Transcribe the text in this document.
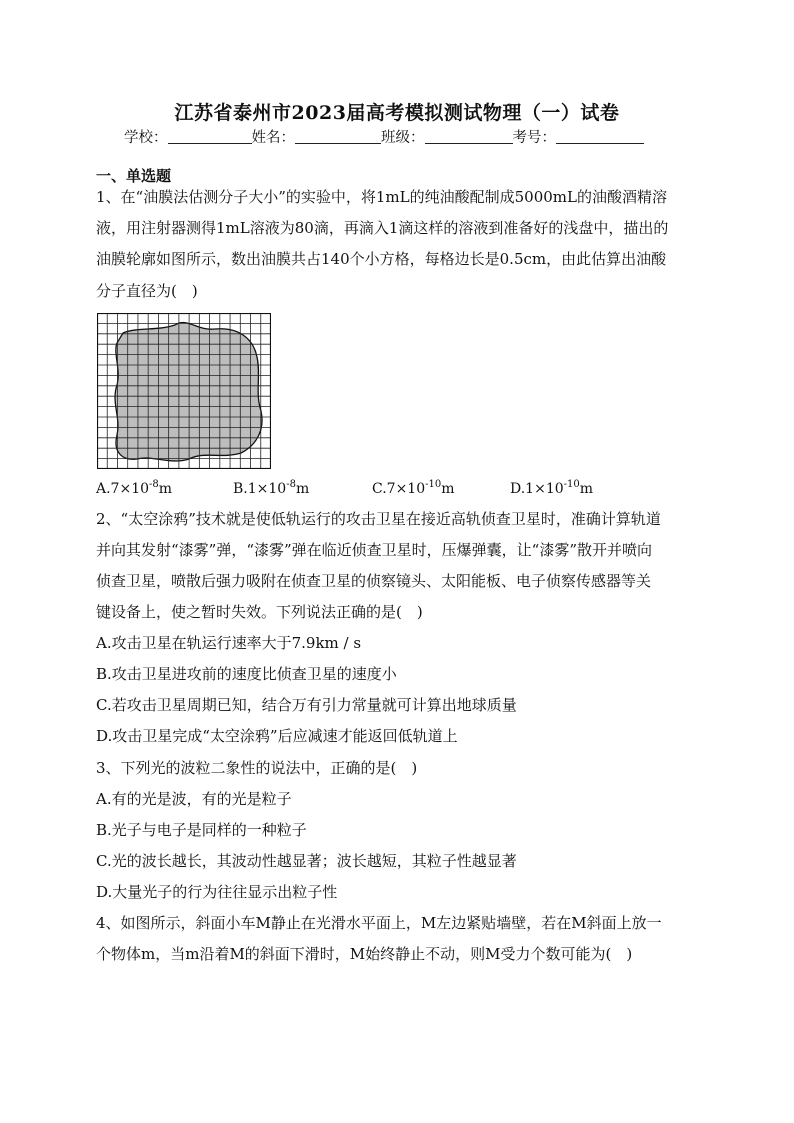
江苏省泰州市2023届高考模拟测试物理（一）试卷
学校：	姓名：	班级：	考号：
一、单选题
1、在“油膜法估测分子大小”的实验中，将1mL的纯油酸配制成5000mL的油酸酒精溶
液，用注射器测得1mL溶液为80滴，再滴入1滴这样的溶液到准备好的浅盘中，描出的
油膜轮廓如图所示，数出油膜共占140个小方格，每格边长是0.5cm，由此估算出油酸
分子直径为(　)
$A.7\times 10^{-8}m$	$B.1\times 10^{-8}m$	$C.7\times 10^{-10}m$	$D.1\times 10^{-10}m$
2、“太空涂鸦”技术就是使低轨运行的攻击卫星在接近高轨侦查卫星时，准确计算轨道
并向其发射“漆雾”弹，“漆雾”弹在临近侦查卫星时，压爆弹囊，让“漆雾”散开并喷向
侦查卫星，喷散后强力吸附在侦查卫星的侦察镜头、太阳能板、电子侦察传感器等关
键设备上，使之暂时失效。下列说法正确的是(　)
A.攻击卫星在轨运行速率大于7.9km / s
B.攻击卫星进攻前的速度比侦查卫星的速度小
C.若攻击卫星周期已知，结合万有引力常量就可计算出地球质量
D.攻击卫星完成“太空涂鸦”后应减速才能返回低轨道上
3、下列光的波粒二象性的说法中，正确的是(　)
A.有的光是波，有的光是粒子
B.光子与电子是同样的一种粒子
C.光的波长越长，其波动性越显著；波长越短，其粒子性越显著
D.大量光子的行为往往显示出粒子性
4、如图所示，斜面小车M静止在光滑水平面上，M左边紧贴墙壁，若在M斜面上放一
个物体m，当m沿着M的斜面下滑时，M始终静止不动，则M受力个数可能为(　)
